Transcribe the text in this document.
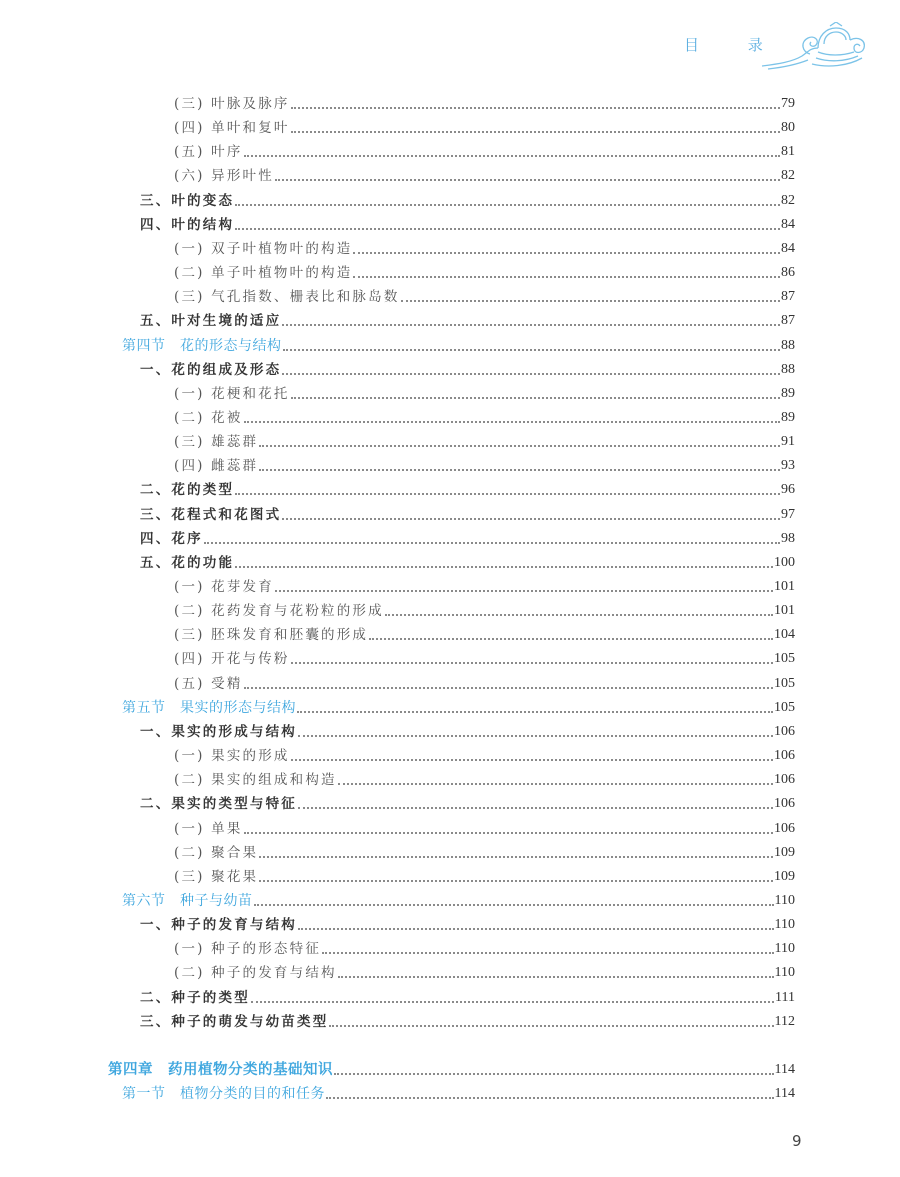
目 录
(三) 叶脉及脉序	79
(四) 单叶和复叶	80
(五) 叶序	81
(六) 异形叶性	82
三、叶的变态	82
四、叶的结构	84
(一) 双子叶植物叶的构造	84
(二) 单子叶植物叶的构造	86
(三) 气孔指数、栅表比和脉岛数	87
五、叶对生境的适应	87
第四节　花的形态与结构	88
一、花的组成及形态	88
(一) 花梗和花托	89
(二) 花被	89
(三) 雄蕊群	91
(四) 雌蕊群	93
二、花的类型	96
三、花程式和花图式	97
四、花序	98
五、花的功能	100
(一) 花芽发育	101
(二) 花药发育与花粉粒的形成	101
(三) 胚珠发育和胚囊的形成	104
(四) 开花与传粉	105
(五) 受精	105
第五节　果实的形态与结构	105
一、果实的形成与结构	106
(一) 果实的形成	106
(二) 果实的组成和构造	106
二、果实的类型与特征	106
(一) 单果	106
(二) 聚合果	109
(三) 聚花果	109
第六节　种子与幼苗	110
一、种子的发育与结构	110
(一) 种子的形态特征	110
(二) 种子的发育与结构	110
二、种子的类型	111
三、种子的萌发与幼苗类型	112
第四章　药用植物分类的基础知识	114
第一节　植物分类的目的和任务	114
9
